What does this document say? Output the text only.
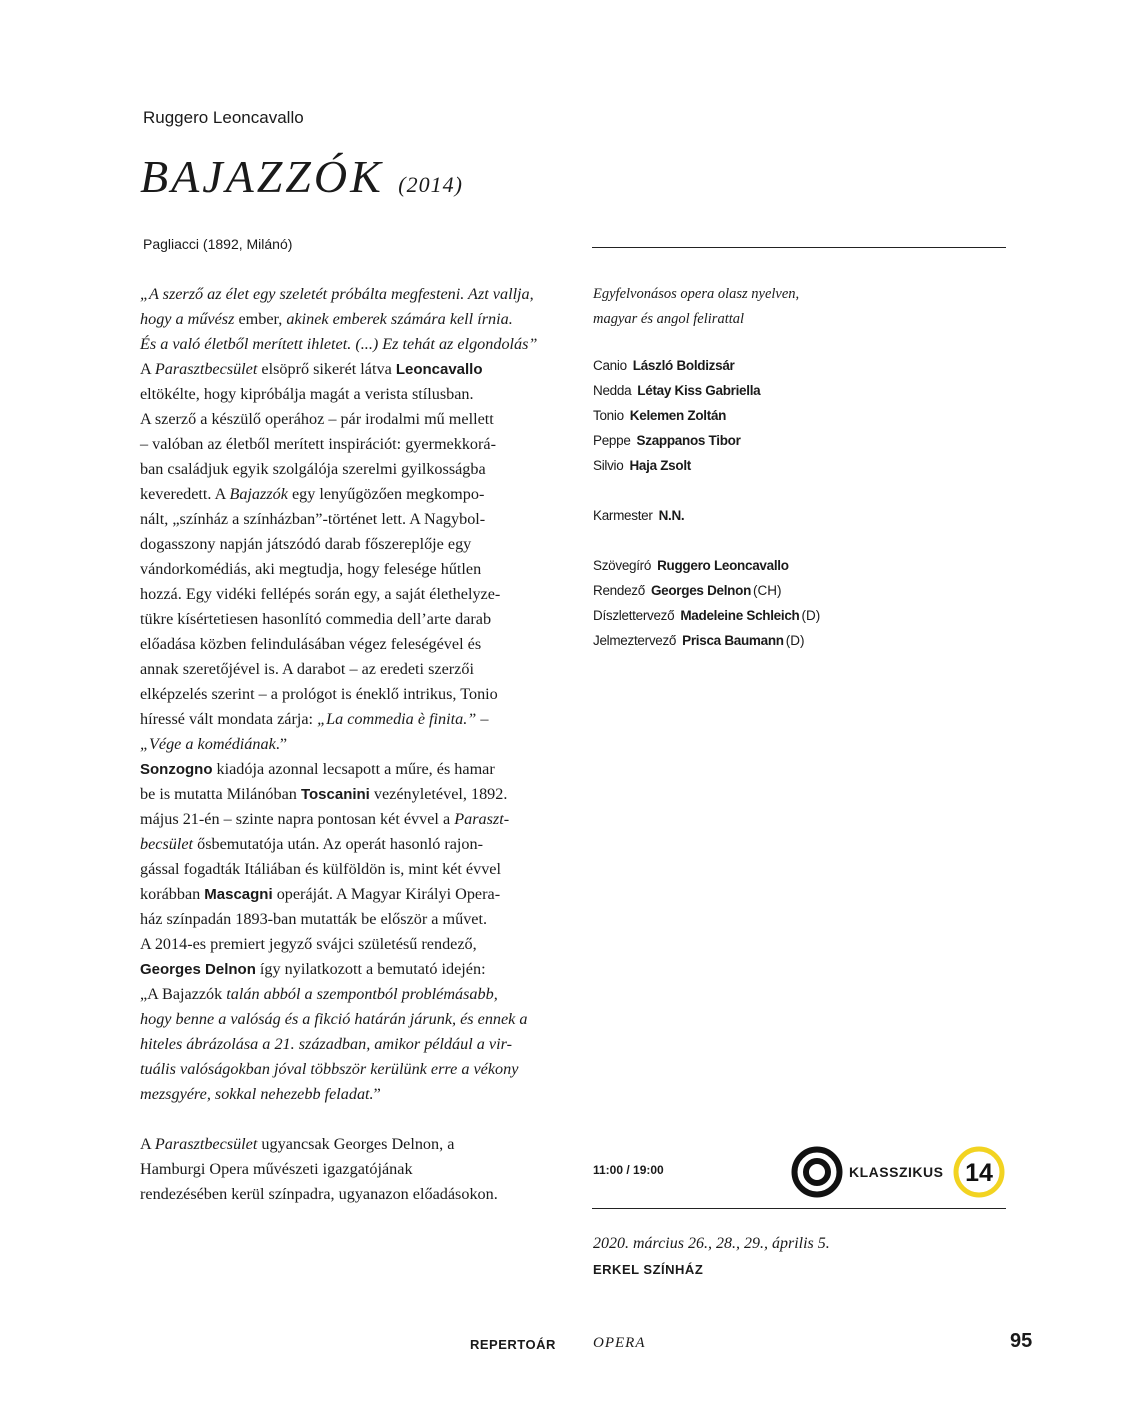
Ruggero Leoncavallo
BAJAZZÓK (2014)
Pagliacci (1892, Milánó)

„A szerző az élet egy szeletét próbálta megfesteni. Azt vallja,

hogy a művész ember, akinek emberek számára kell írnia.

És a való életből merített ihletet. (...) Ez tehát az elgondolás”

A Parasztbecsület elsöprő sikerét látva Leoncavallo

eltökélte, hogy kipróbálja magát a verista stílusban.

A szerző a készülő operához – pár irodalmi mű mellett

– valóban az életből merített inspirációt: gyermekkorá-

ban családjuk egyik szolgálója szerelmi gyilkosságba

keveredett. A Bajazzók egy lenyűgözően megkompo-

nált, „színház a színházban”-történet lett. A Nagybol-

dogasszony napján játszódó darab főszereplője egy

vándorkomédiás, aki megtudja, hogy felesége hűtlen

hozzá. Egy vidéki fellépés során egy, a saját élethelyze-

tükre kísértetiesen hasonlító commedia dell’arte darab

előadása közben felindulásában végez feleségével és

annak szeretőjével is. A darabot – az eredeti szerzői

elképzelés szerint – a prológot is éneklő intrikus, Tonio

híressé vált mondata zárja: „La commedia è finita.” –

„Vége a komédiának.”

Sonzogno kiadója azonnal lecsapott a műre, és hamar

be is mutatta Milánóban Toscanini vezényletével, 1892.

május 21-én – szinte napra pontosan két évvel a Paraszt-

becsület ősbemutatója után. Az operát hasonló rajon-

gással fogadták Itáliában és külföldön is, mint két évvel

korábban Mascagni operáját. A Magyar Királyi Opera-

ház színpadán 1893-ban mutatták be először a művet.

A 2014-es premiert jegyző svájci születésű rendező,

Georges Delnon így nyilatkozott a bemutató idején:

„A Bajazzók talán abból a szempontból problémásabb,

hogy benne a valóság és a fikció határán járunk, és ennek a

hiteles ábrázolása a 21. században, amikor például a vir-

tuális valóságokban jóval többször kerülünk erre a vékony

mezsgyére, sokkal nehezebb feladat.”

A Parasztbecsület ugyancsak Georges Delnon, a

Hamburgi Opera művészeti igazgatójának

rendezésében kerül színpadra, ugyanazon előadásokon.

Egyfelvonásos opera olasz nyelven,
magyar és angol felirattal

Canio László Boldizsár
Nedda Létay Kiss Gabriella
Tonio Kelemen Zoltán
Peppe Szappanos Tibor
Silvio Haja Zsolt
Karmester N.N.
Szövegíró Ruggero Leoncavallo
Rendező Georges Delnon (CH)
Díszlettervező Madeleine Schleich (D)
Jelmeztervező Prisca Baumann (D)
11:00 / 19:00	KLASSZIKUS 14
2020. március 26., 28., 29., április 5.
ERKEL SZÍNHÁZ
REPERTOÁR OPERA	95
